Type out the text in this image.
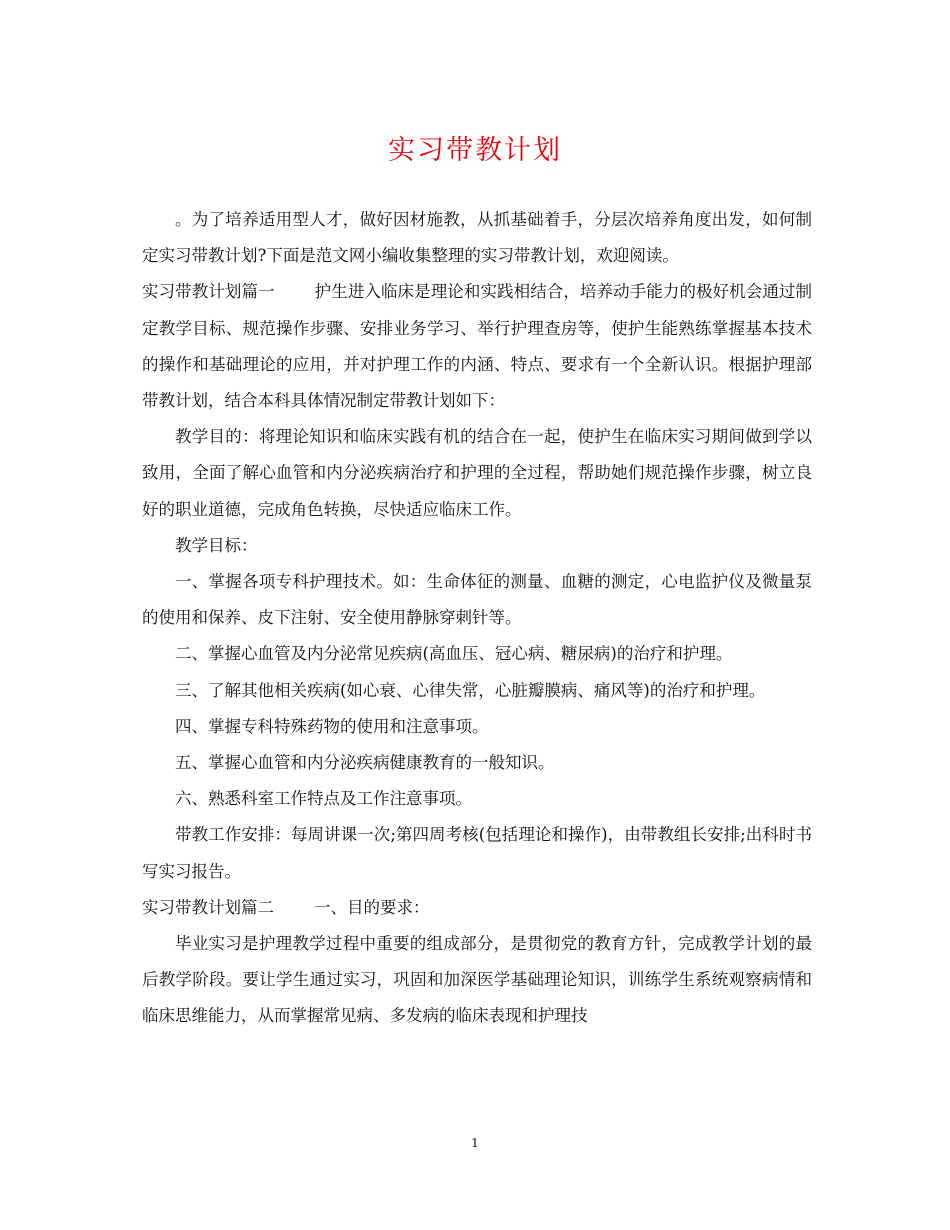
实习带教计划

。为了培养适用型人才，做好因材施教，从抓基础着手，分层次培养角度出发，如何制定实习带教计划?下面是范文网小编收集整理的实习带教计划，欢迎阅读。

实习带教计划篇一 护生进入临床是理论和实践相结合，培养动手能力的极好机会通过制定教学目标、规范操作步骤、安排业务学习、举行护理查房等，使护生能熟练掌握基本技术的操作和基础理论的应用，并对护理工作的内涵、特点、要求有一个全新认识。根据护理部带教计划，结合本科具体情况制定带教计划如下：

教学目的：将理论知识和临床实践有机的结合在一起，使护生在临床实习期间做到学以致用，全面了解心血管和内分泌疾病治疗和护理的全过程，帮助她们规范操作步骤，树立良好的职业道德，完成角色转换，尽快适应临床工作。

教学目标：

一、掌握各项专科护理技术。如：生命体征的测量、血糖的测定，心电监护仪及微量泵的使用和保养、皮下注射、安全使用静脉穿刺针等。

二、掌握心血管及内分泌常见疾病(高血压、冠心病、糖尿病)的治疗和护理。

三、了解其他相关疾病(如心衰、心律失常，心脏瓣膜病、痛风等)的治疗和护理。

四、掌握专科特殊药物的使用和注意事项。

五、掌握心血管和内分泌疾病健康教育的一般知识。

六、熟悉科室工作特点及工作注意事项。

带教工作安排：每周讲课一次;第四周考核(包括理论和操作)，由带教组长安排;出科时书写实习报告。

实习带教计划篇二 一、目的要求：

毕业实习是护理教学过程中重要的组成部分，是贯彻党的教育方针，完成教学计划的最后教学阶段。要让学生通过实习，巩固和加深医学基础理论知识，训练学生系统观察病情和临床思维能力，从而掌握常见病、多发病的临床表现和护理技

1
